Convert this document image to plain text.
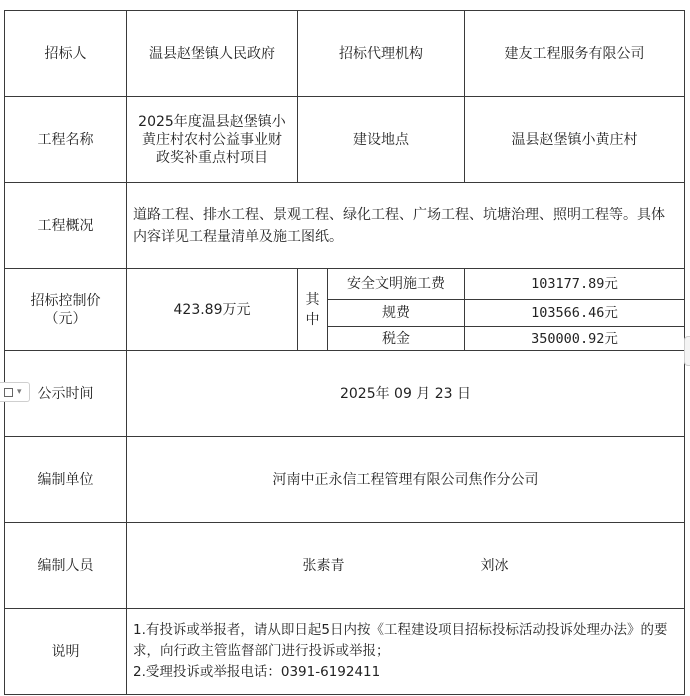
招标人	温县赵堡镇人民政府	招标代理机构		建友工程服务有限公司
工程名称	2025年度温县赵堡镇小黄庄村农村公益事业财政奖补重点村项目	建设地点		温县赵堡镇小黄庄村
工程概况	道路工程、排水工程、景观工程、绿化工程、广场工程、坑塘治理、照明工程等。具体内容详见工程量清单及施工图纸。			
招标控制价（元）	423.89万元	其中	安全文明施工费	103177.89元
			规费	103566.46元
			税金	350000.92元
公示时间	2025年 09 月 23 日			
编制单位	河南中正永信工程管理有限公司焦作分公司			
编制人员	张素青 刘冰			
说明	1.有投诉或举报者，请从即日起5日内按《工程建设项目招标投标活动投诉处理办法》的要求，向行政主管监督部门进行投诉或举报；
2.受理投诉或举报电话：0391-6192411			
▾
